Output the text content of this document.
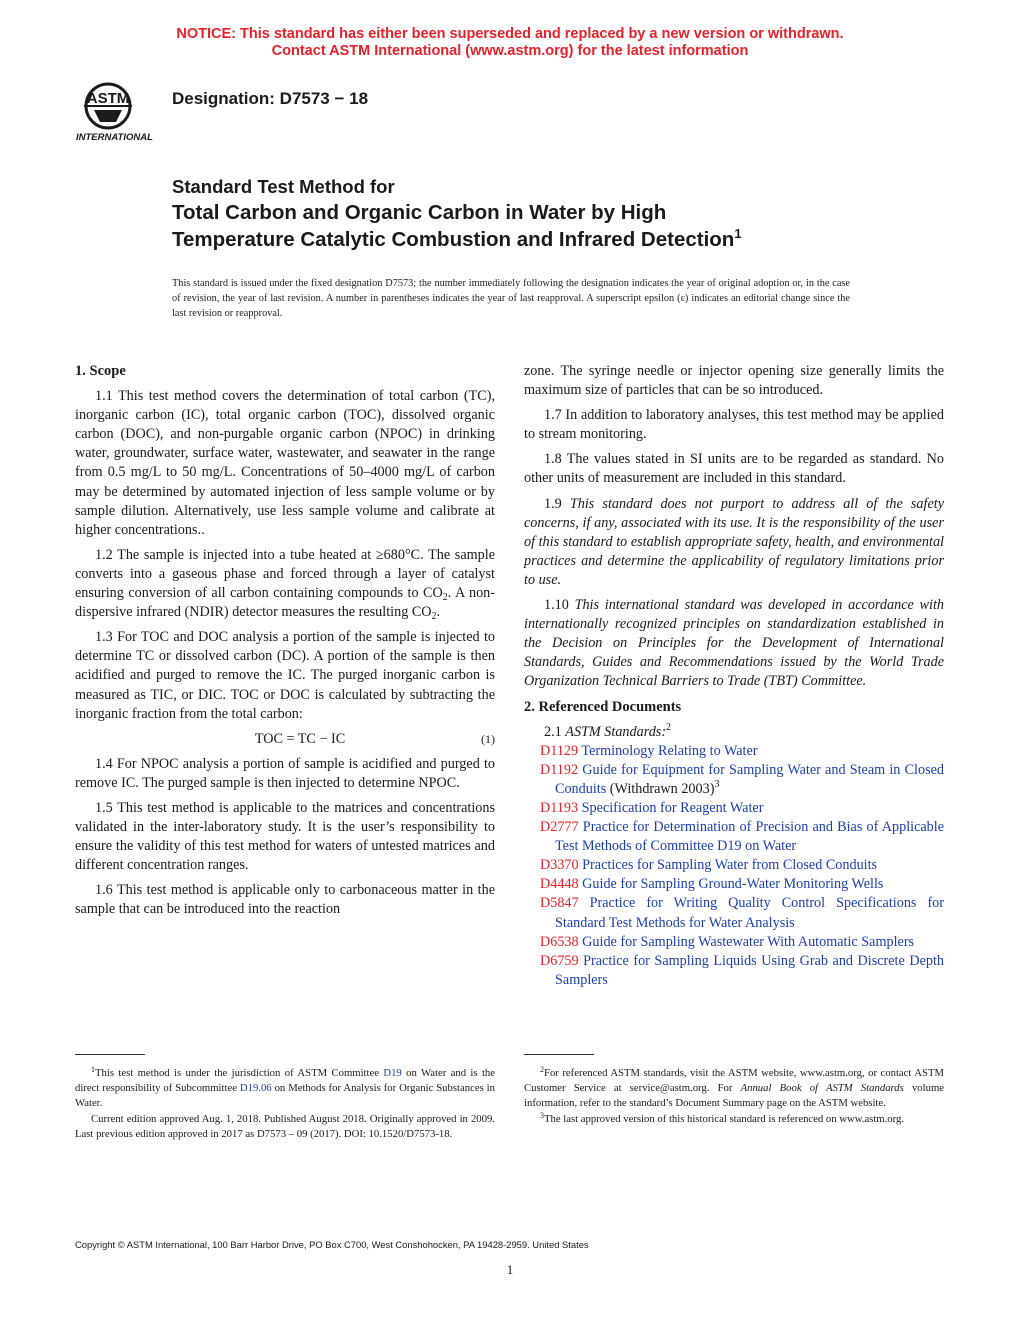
NOTICE: This standard has either been superseded and replaced by a new version or withdrawn.
Contact ASTM International (www.astm.org) for the latest information
ASTM
INTERNATIONAL
Designation: D7573 − 18
Standard Test Method for
Total Carbon and Organic Carbon in Water by High
Temperature Catalytic Combustion and Infrared Detection$^1$
This standard is issued under the fixed designation D7573; the number immediately following the designation indicates the year of original adoption or, in the case of revision, the year of last revision. A number in parentheses indicates the year of last reapproval. A superscript epsilon (ε) indicates an editorial change since the last revision or reapproval.
1. Scope

1.1 This test method covers the determination of total carbon (TC), inorganic carbon (IC), total organic carbon (TOC), dissolved organic carbon (DOC), and non-purgable organic carbon (NPOC) in drinking water, groundwater, surface water, wastewater, and seawater in the range from 0.5 mg/L to 50 mg/L. Concentrations of 50–4000 mg/L of carbon may be determined by automated injection of less sample volume or by sample dilution. Alternatively, use less sample volume and calibrate at higher concentrations..

1.2 The sample is injected into a tube heated at ≥680°C. The sample converts into a gaseous phase and forced through a layer of catalyst ensuring conversion of all carbon containing compounds to $CO_2$. A non-dispersive infrared (NDIR) detector measures the resulting $CO_2$.

1.3 For TOC and DOC analysis a portion of the sample is injected to determine TC or dissolved carbon (DC). A portion of the sample is then acidified and purged to remove the IC. The purged inorganic carbon is measured as TIC, or DIC. TOC or DOC is calculated by subtracting the inorganic fraction from the total carbon:

TOC = TC − IC	(1)

1.4 For NPOC analysis a portion of sample is acidified and purged to remove IC. The purged sample is then injected to determine NPOC.

1.5 This test method is applicable to the matrices and concentrations validated in the inter-laboratory study. It is the user’s responsibility to ensure the validity of this test method for waters of untested matrices and different concentration ranges.

1.6 This test method is applicable only to carbonaceous matter in the sample that can be introduced into the reaction

zone. The syringe needle or injector opening size generally limits the maximum size of particles that can be so introduced.

1.7 In addition to laboratory analyses, this test method may be applied to stream monitoring.

1.8 The values stated in SI units are to be regarded as standard. No other units of measurement are included in this standard.

1.9 This standard does not purport to address all of the safety concerns, if any, associated with its use. It is the responsibility of the user of this standard to establish appropriate safety, health, and environmental practices and determine the applicability of regulatory limitations prior to use.

1.10 This international standard was developed in accordance with internationally recognized principles on standardization established in the Decision on Principles for the Development of International Standards, Guides and Recommendations issued by the World Trade Organization Technical Barriers to Trade (TBT) Committee.

2. Referenced Documents

2.1 ASTM Standards:$^2$

D1129 Terminology Relating to Water
D1192 Guide for Equipment for Sampling Water and Steam in Closed Conduits (Withdrawn 2003)$^3$
D1193 Specification for Reagent Water
D2777 Practice for Determination of Precision and Bias of Applicable Test Methods of Committee D19 on Water
D3370 Practices for Sampling Water from Closed Conduits
D4448 Guide for Sampling Ground-Water Monitoring Wells
D5847 Practice for Writing Quality Control Specifications for Standard Test Methods for Water Analysis
D6538 Guide for Sampling Wastewater With Automatic Samplers
D6759 Practice for Sampling Liquids Using Grab and Discrete Depth Samplers

$^1$This test method is under the jurisdiction of ASTM Committee D19 on Water and is the direct responsibility of Subcommittee D19.06 on Methods for Analysis for Organic Substances in Water.

Current edition approved Aug. 1, 2018. Published August 2018. Originally approved in 2009. Last previous edition approved in 2017 as D7573 – 09 (2017). DOI: 10.1520/D7573-18.

$^2$For referenced ASTM standards, visit the ASTM website, www.astm.org, or contact ASTM Customer Service at service@astm.org. For Annual Book of ASTM Standards volume information, refer to the standard’s Document Summary page on the ASTM website.

$^3$The last approved version of this historical standard is referenced on www.astm.org.

Copyright © ASTM International, 100 Barr Harbor Drive, PO Box C700, West Conshohocken, PA 19428-2959. United States
1
